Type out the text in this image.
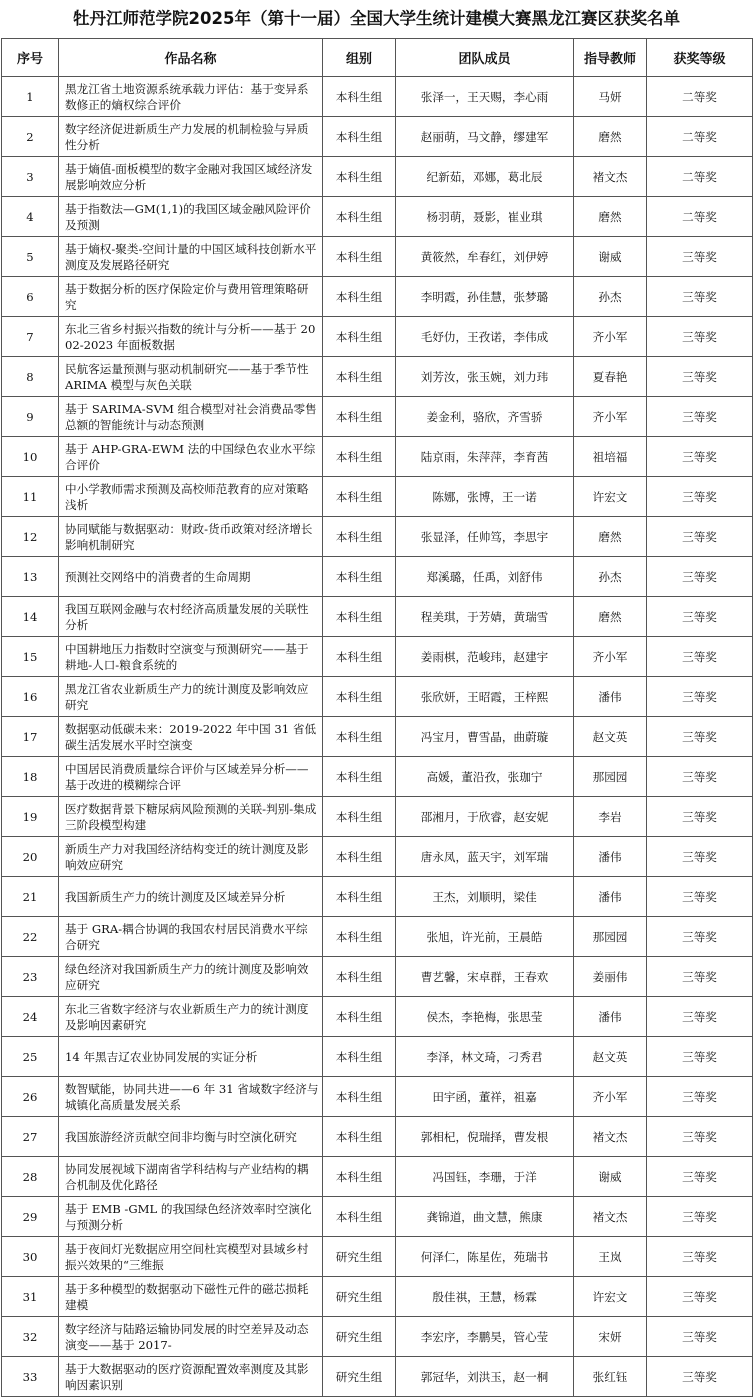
牡丹江师范学院2025年（第十一届）全国大学生统计建模大赛黑龙江赛区获奖名单
序号	作品名称	组别	团队成员	指导教师	获奖等级
1	黑龙江省土地资源系统承载力评估：基于变异系数修正的熵权综合评价	本科生组	张泽一，王天赐，李心雨	马妍	二等奖
2	数字经济促进新质生产力发展的机制检验与异质性分析	本科生组	赵丽萌，马文静，缪建军	磨然	二等奖
3	基于熵值-面板模型的数字金融对我国区域经济发展影响效应分析	本科生组	纪新茹，邓娜，葛北辰	褚文杰	二等奖
4	基于指数法—GM(1,1)的我国区域金融风险评价及预测	本科生组	杨羽萌，聂影，崔业琪	磨然	二等奖
5	基于熵权-聚类-空间计量的中国区域科技创新水平测度及发展路径研究	本科生组	黄筱然，牟春红，刘伊婷	谢威	三等奖
6	基于数据分析的医疗保险定价与费用管理策略研究	本科生组	李明霞，孙佳慧，张梦璐	孙杰	三等奖
7	东北三省乡村振兴指数的统计与分析——基于 2002-2023 年面板数据	本科生组	毛妤仂，王孜诺，李伟成	齐小军	三等奖
8	民航客运量预测与驱动机制研究——基于季节性 ARIMA 模型与灰色关联	本科生组	刘芳汝，张玉婉，刘力玮	夏春艳	三等奖
9	基于 SARIMA-SVM 组合模型对社会消费品零售总额的智能统计与动态预测	本科生组	姜金利，骆欣，齐雪骄	齐小军	三等奖
10	基于 AHP-GRA-EWM 法的中国绿色农业水平综合评价	本科生组	陆京雨，朱萍萍，李育茜	祖培福	三等奖
11	中小学教师需求预测及高校师范教育的应对策略浅析	本科生组	陈娜，张博，王一诺	许宏文	三等奖
12	协同赋能与数据驱动：财政-货币政策对经济增长影响机制研究	本科生组	张显泽，任帅笃，李思宇	磨然	三等奖
13	预测社交网络中的消费者的生命周期	本科生组	郑溪璐，任禹，刘舒伟	孙杰	三等奖
14	我国互联网金融与农村经济高质量发展的关联性分析	本科生组	程美琪，于芳婧，黄瑞雪	磨然	三等奖
15	中国耕地压力指数时空演变与预测研究——基于耕地-人口-粮食系统的	本科生组	姜雨棋，范峻玮，赵建宇	齐小军	三等奖
16	黑龙江省农业新质生产力的统计测度及影响效应研究	本科生组	张欣妍，王昭霞，王梓熙	潘伟	三等奖
17	数据驱动低碳未来：2019-2022 年中国 31 省低碳生活发展水平时空演变	本科生组	冯宝月，曹雪晶，曲蔚璇	赵文英	三等奖
18	中国居民消费质量综合评价与区域差异分析——基于改进的模糊综合评	本科生组	高媛，董沿孜，张珈宁	那园园	三等奖
19	医疗数据背景下糖尿病风险预测的关联-判别-集成三阶段模型构建	本科生组	邵湘月，于欣睿，赵安妮	李岩	三等奖
20	新质生产力对我国经济结构变迁的统计测度及影响效应研究	本科生组	唐永凤，蓝天宇，刘军瑞	潘伟	三等奖
21	我国新质生产力的统计测度及区域差异分析	本科生组	王杰，刘顺明，梁佳	潘伟	三等奖
22	基于 GRA-耦合协调的我国农村居民消费水平综合研究	本科生组	张旭，许光前，王晨皓	那园园	三等奖
23	绿色经济对我国新质生产力的统计测度及影响效应研究	本科生组	曹艺馨，宋卓群，王春欢	姜丽伟	三等奖
24	东北三省数字经济与农业新质生产力的统计测度及影响因素研究	本科生组	侯杰，李艳梅，张思莹	潘伟	三等奖
25	14 年黑吉辽农业协同发展的实证分析	本科生组	李泽，林文琦，刁秀君	赵文英	三等奖
26	数智赋能，协同共进——6 年 31 省域数字经济与城镇化高质量发展关系	本科生组	田宇函，董祥，祖嘉	齐小军	三等奖
27	我国旅游经济贡献空间非均衡与时空演化研究	本科生组	郭相杞，倪瑞择，曹发根	褚文杰	三等奖
28	协同发展视域下湖南省学科结构与产业结构的耦合机制及优化路径	本科生组	冯国钰，李珊，于洋	谢威	三等奖
29	基于 EMB -GML 的我国绿色经济效率时空演化与预测分析	本科生组	龚锦道，曲文慧，熊康	褚文杰	三等奖
30	基于夜间灯光数据应用空间杜宾模型对县域乡村振兴效果的“三维振	研究生组	何泽仁，陈星佐，苑瑞书	王岚	三等奖
31	基于多种模型的数据驱动下磁性元件的磁芯损耗建模	研究生组	殷佳祺，王慧，杨霖	许宏文	三等奖
32	数字经济与陆路运输协同发展的时空差异及动态演变——基于 2017-	研究生组	李宏序，李鹏昊，管心莹	宋妍	三等奖
33	基于大数据驱动的医疗资源配置效率测度及其影响因素识别	研究生组	郭冠华，刘洪玉，赵一桐	张红钰	三等奖
